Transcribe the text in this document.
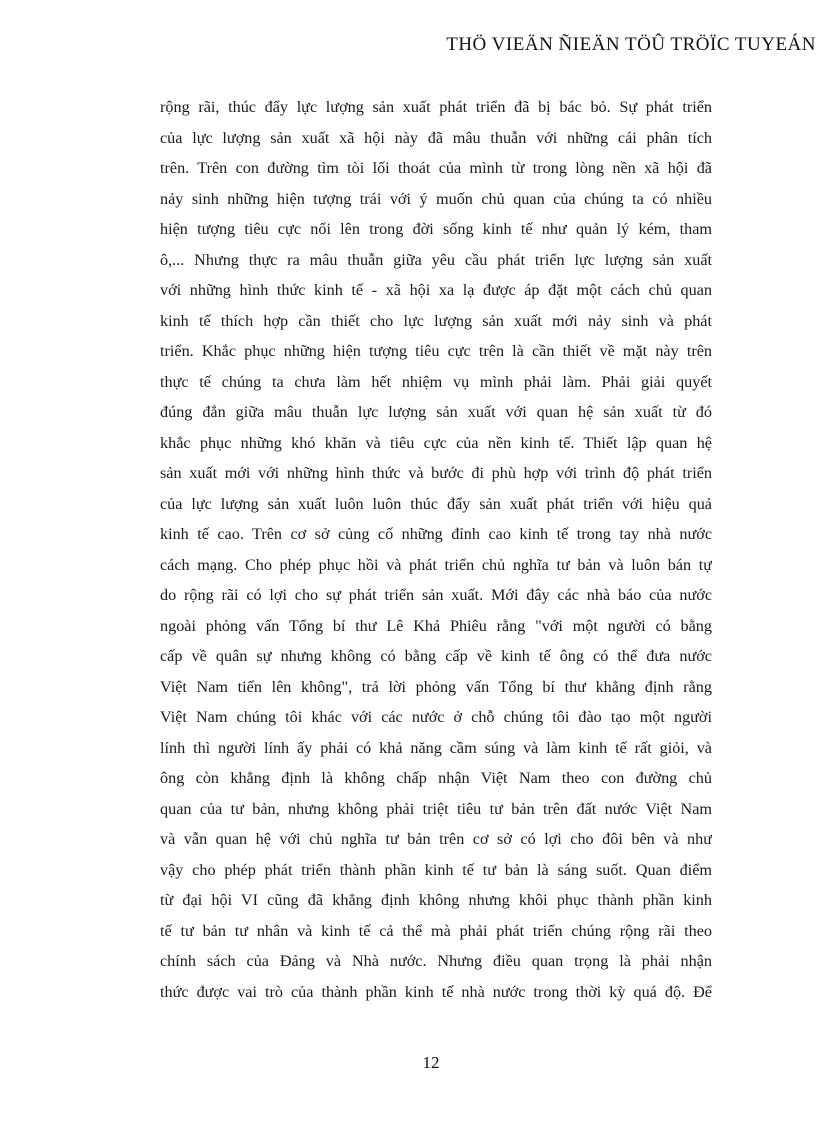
THÖ VIEÄN ÑIEÄN TÖÛ TRÖÏC TUYEÁN
rộng rãi, thúc đẩy lực lượng sản xuất phát triển đã bị bác bỏ. Sự phát triển
của lực lượng sản xuất xã hội này đã mâu thuẫn với những cái phân tích
trên. Trên con đường tìm tòi lối thoát của mình từ trong lòng nền xã hội đã
nảy sinh những hiện tượng trái với ý muốn chủ quan của chúng ta có nhiều
hiện tượng tiêu cực nổi lên trong đời sống kinh tế như quản lý kém, tham
ô,... Nhưng thực ra mâu thuẫn giữa yêu cầu phát triển lực lượng sản xuất
với những hình thức kinh tế - xã hội xa lạ được áp đặt một cách chủ quan
kinh tế thích hợp cần thiết cho lực lượng sản xuất mới nảy sinh và phát
triển. Khắc phục những hiện tượng tiêu cực trên là cần thiết về mặt này trên
thực tế chúng ta chưa làm hết nhiệm vụ mình phải làm. Phải giải quyết
đúng đắn giữa mâu thuẫn lực lượng sản xuất với quan hệ sản xuất từ đó
khắc phục những khó khăn và tiêu cực của nền kinh tế. Thiết lập quan hệ
sản xuất mới với những hình thức và bước đi phù hợp với trình độ phát triển
của lực lượng sản xuất luôn luôn thúc đẩy sản xuất phát triển với hiệu quả
kinh tế cao. Trên cơ sở củng cố những đỉnh cao kinh tế trong tay nhà nước
cách mạng. Cho phép phục hồi và phát triển chủ nghĩa tư bản và luôn bán tự
do rộng rãi có lợi cho sự phát triển sản xuất. Mới đây các nhà báo của nước
ngoài phỏng vấn Tổng bí thư Lê Khả Phiêu rằng "với một người có bằng
cấp về quân sự nhưng không có bằng cấp về kinh tế ông có thể đưa nước
Việt Nam tiến lên không", trả lời phỏng vấn Tổng bí thư khẳng định rằng
Việt Nam chúng tôi khác với các nước ở chỗ chúng tôi đào tạo một người
lính thì người lính ấy phải có khả năng cầm súng và làm kinh tế rất giỏi, và
ông còn khẳng định là không chấp nhận Việt Nam theo con đường chủ
quan của tư bản, nhưng không phải triệt tiêu tư bản trên đất nước Việt Nam
và vẫn quan hệ với chủ nghĩa tư bản trên cơ sở có lợi cho đôi bên và như
vậy cho phép phát triển thành phần kinh tế tư bản là sáng suốt. Quan điểm
từ đại hội VI cũng đã khẳng định không nhưng khôi phục thành phần kinh
tế tư bản tư nhân và kinh tế cả thể mà phải phát triển chúng rộng rãi theo
chính sách của Đảng và Nhà nước. Nhưng điều quan trọng là phải nhận
thức được vai trò của thành phần kinh tế nhà nước trong thời kỳ quá độ. Để
12
